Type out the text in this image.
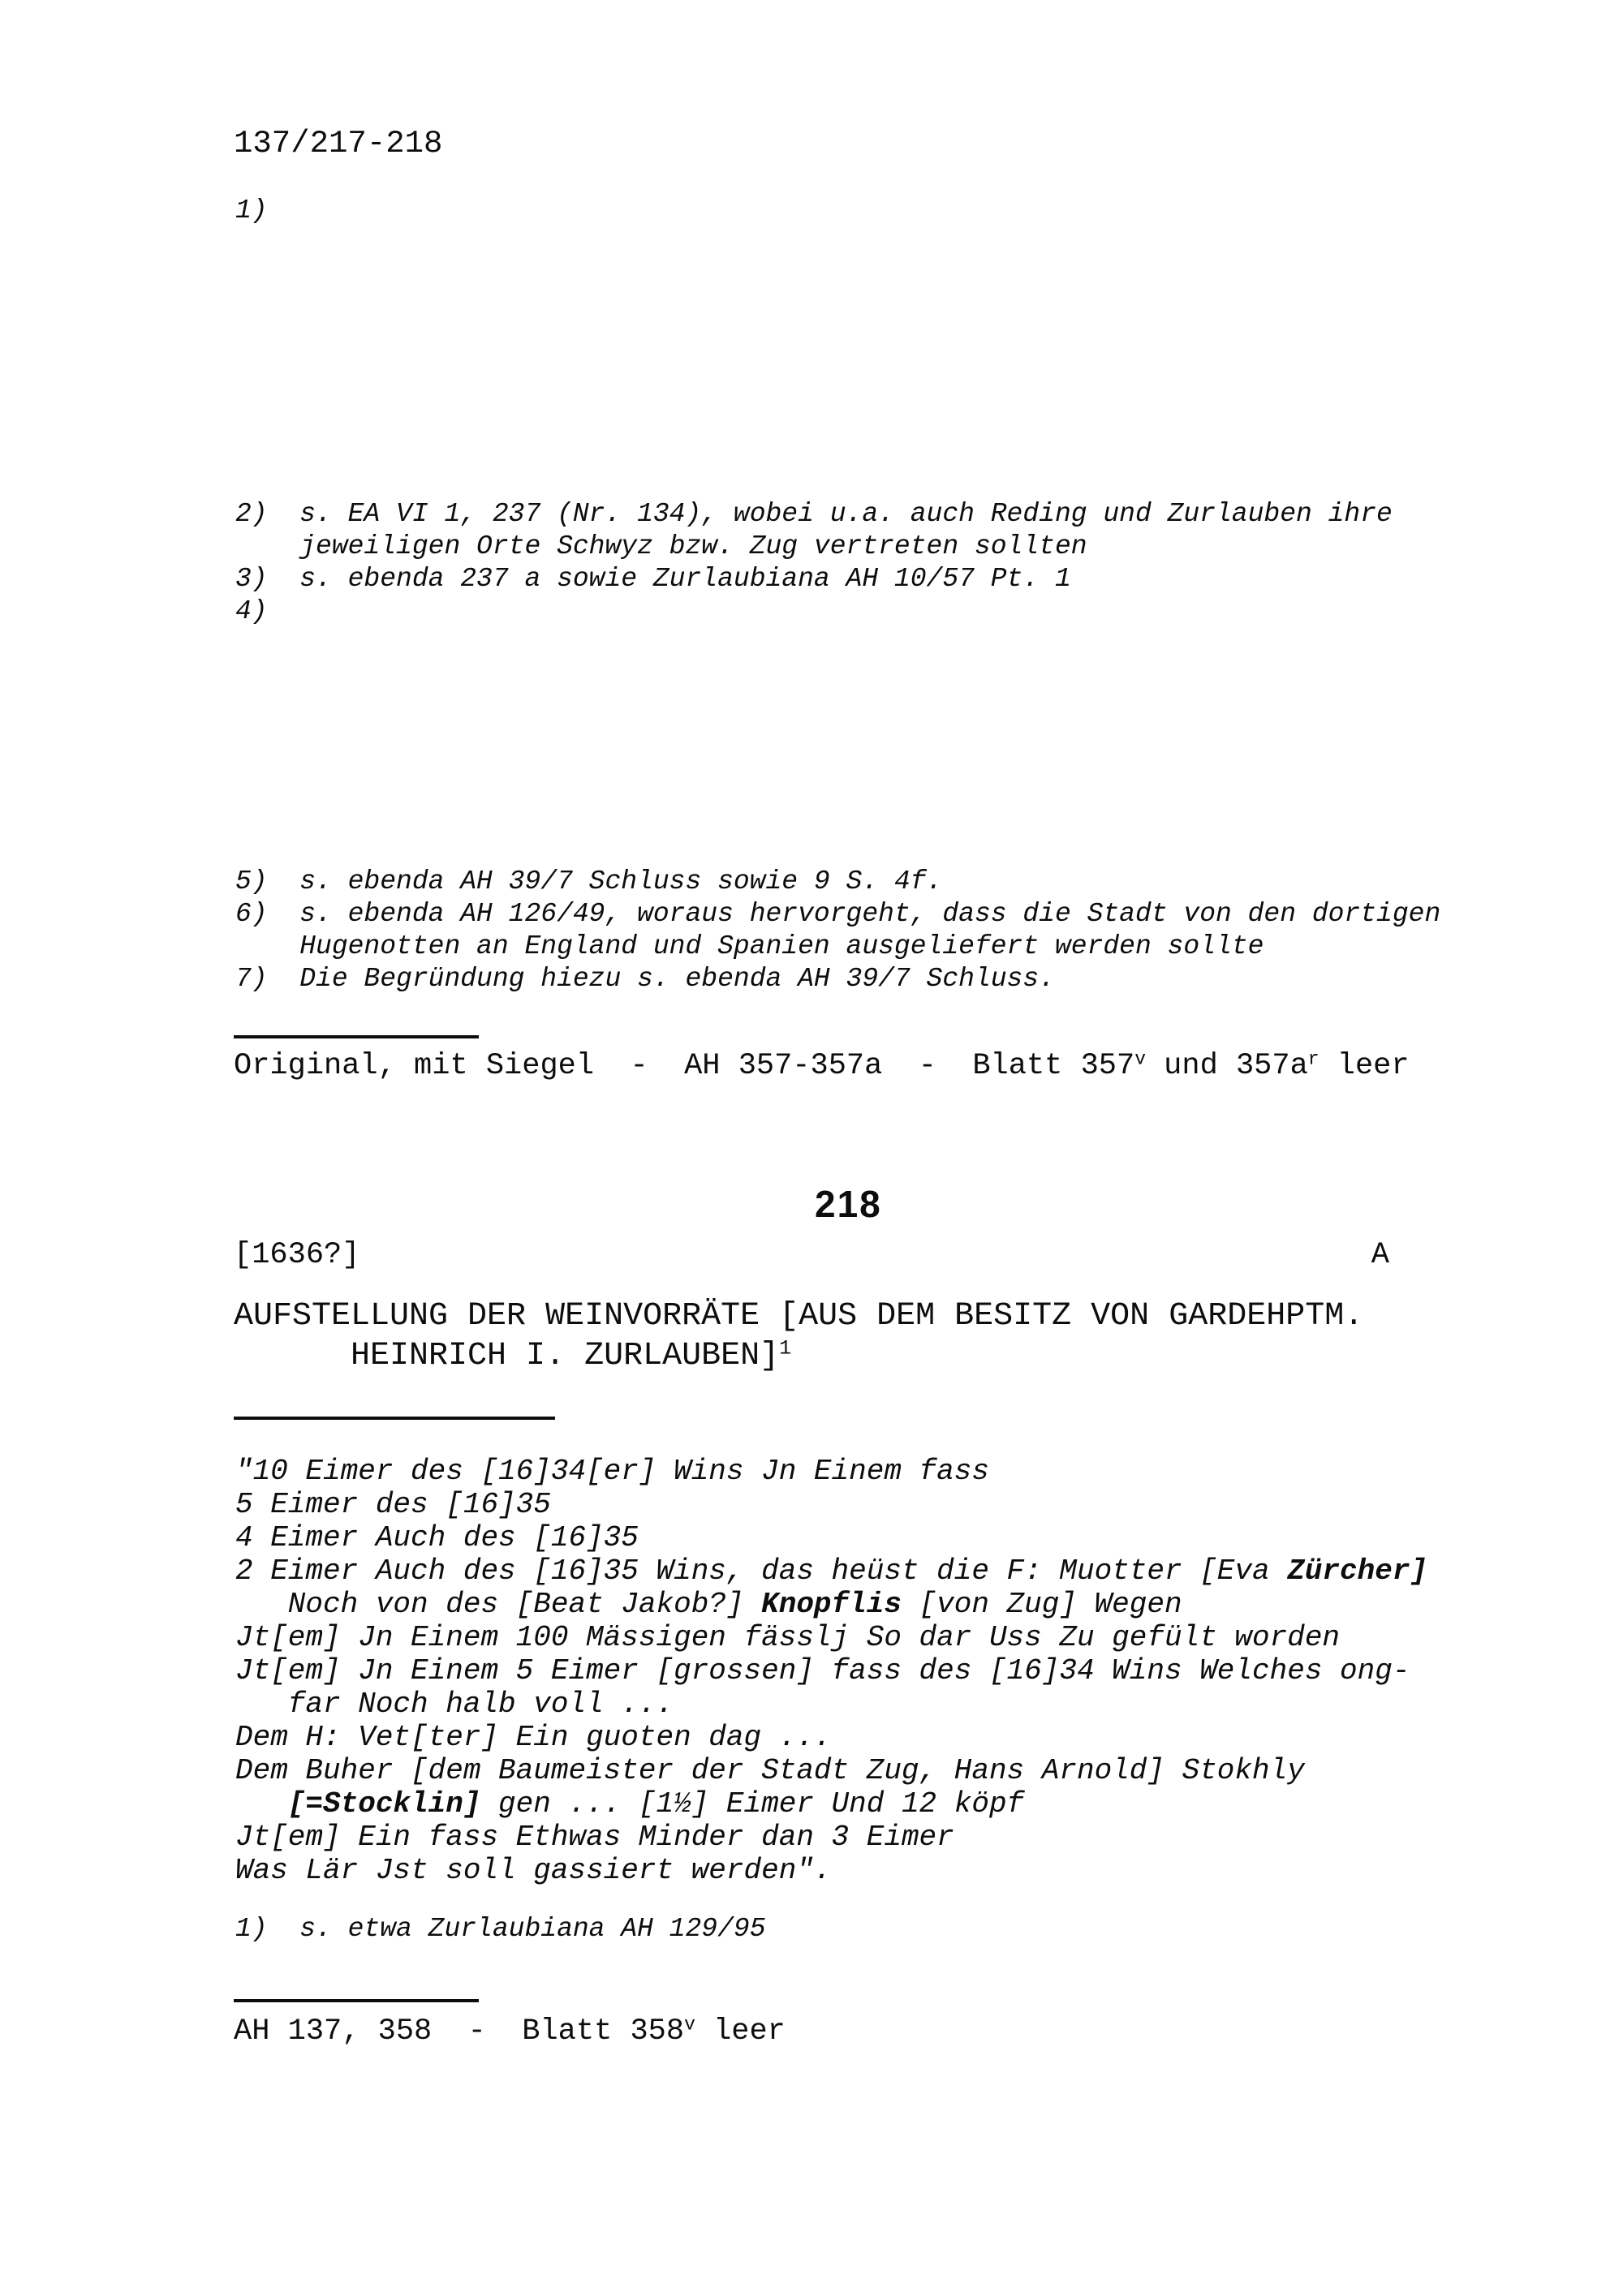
137/217-218
1)
2)  s. EA VI 1, 237 (Nr. 134), wobei u.a. auch Reding und Zurlauben ihre
jeweiligen Orte Schwyz bzw. Zug vertreten sollten
3)  s. ebenda 237 a sowie Zurlaubiana AH 10/57 Pt. 1
4)
5)  s. ebenda AH 39/7 Schluss sowie 9 S. 4f.
6)  s. ebenda AH 126/49, woraus hervorgeht, dass die Stadt von den dortigen
Hugenotten an England und Spanien ausgeliefert werden sollte
7)  Die Begründung hiezu s. ebenda AH 39/7 Schluss.
Original, mit Siegel  -  AH 357-357a  -  Blatt 357$^v$ und $357a^r$ leer
218
[1636?]	A
AUFSTELLUNG DER WEINVORRÄTE [AUS DEM BESITZ VON GARDEHPTM.
HEINRICH I. ZURLAUBEN]$^1$
"10 Eimer des [16]34[er] Wins Jn Einem fass
5 Eimer des [16]35
4 Eimer Auch des [16]35
2 Eimer Auch des [16]35 Wins, das heüst die F: Muotter [Eva Zürcher]
Noch von des [Beat Jakob?] Knopflis [von Zug] Wegen
Jt[em] Jn Einem 100 Mässigen fässlj So dar Uss Zu gefült worden
Jt[em] Jn Einem 5 Eimer [grossen] fass des [16]34 Wins Welches ong-
far Noch halb voll ...
Dem H: Vet[ter] Ein guoten dag ...
Dem Buher [dem Baumeister der Stadt Zug, Hans Arnold] Stokhly
[=Stocklin] gen ... [1½] Eimer Und 12 köpf
Jt[em] Ein fass Ethwas Minder dan 3 Eimer
Was Lär Jst soll gassiert werden".
1)  s. etwa Zurlaubiana AH 129/95
AH 137, 358  -  Blatt 358$^v$ leer
